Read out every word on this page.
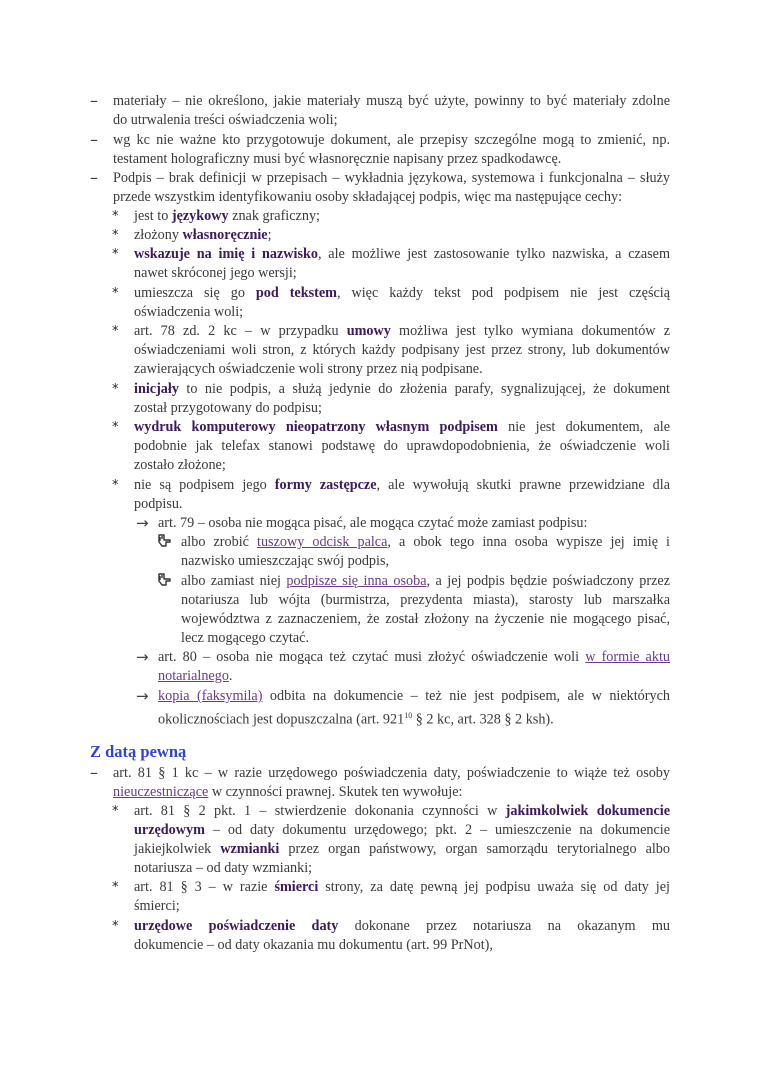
– materiały – nie określono, jakie materiały muszą być użyte, powinny to być materiały zdolne
do utrwalenia treści oświadczenia woli;
– wg kc nie ważne kto przygotowuje dokument, ale przepisy szczególne mogą to zmienić, np.
testament holograficzny musi być własnoręcznie napisany przez spadkodawcę.
– Podpis – brak definicji w przepisach – wykładnia językowa, systemowa i funkcjonalna – służy
przede wszystkim identyfikowaniu osoby składającej podpis, więc ma następujące cechy:
* jest to językowy znak graficzny;
* złożony własnoręcznie;
* wskazuje na imię i nazwisko, ale możliwe jest zastosowanie tylko nazwiska, a czasem
nawet skróconej jego wersji;
* umieszcza się go pod tekstem, więc każdy tekst pod podpisem nie jest częścią
oświadczenia woli;
* art. 78 zd. 2 kc – w przypadku umowy możliwa jest tylko wymiana dokumentów z
oświadczeniami woli stron, z których każdy podpisany jest przez strony, lub dokumentów
zawierających oświadczenie woli strony przez nią podpisane.
* inicjały to nie podpis, a służą jedynie do złożenia parafy, sygnalizującej, że dokument
został przygotowany do podpisu;
* wydruk komputerowy nieopatrzony własnym podpisem nie jest dokumentem, ale
podobnie jak telefax stanowi podstawę do uprawdopodobnienia, że oświadczenie woli
zostało złożone;
* nie są podpisem jego formy zastępcze, ale wywołują skutki prawne przewidziane dla
podpisu.
→ art. 79 – osoba nie mogąca pisać, ale mogąca czytać może zamiast podpisu:
albo zrobić tuszowy odcisk palca, a obok tego inna osoba wypisze jej imię i
nazwisko umieszczając swój podpis,
albo zamiast niej podpisze się inna osoba, a jej podpis będzie poświadczony przez
notariusza lub wójta (burmistrza, prezydenta miasta), starosty lub marszałka
województwa z zaznaczeniem, że został złożony na życzenie nie mogącego pisać,
lecz mogącego czytać.
→ art. 80 – osoba nie mogąca też czytać musi złożyć oświadczenie woli w formie aktu
notarialnego.
→ kopia (faksymila) odbita na dokumencie – też nie jest podpisem, ale w niektórych
okolicznościach jest dopuszczalna (art. $921^{10}$ § 2 kc, art. 328 § 2 ksh).
Z datą pewną
– art. 81 § 1 kc – w razie urzędowego poświadczenia daty, poświadczenie to wiąże też osoby
nieuczestniczące w czynności prawnej. Skutek ten wywołuje:
* art. 81 § 2 pkt. 1 – stwierdzenie dokonania czynności w jakimkolwiek dokumencie
urzędowym – od daty dokumentu urzędowego; pkt. 2 – umieszczenie na dokumencie
jakiejkolwiek wzmianki przez organ państwowy, organ samorządu terytorialnego albo
notariusza – od daty wzmianki;
* art. 81 § 3 – w razie śmierci strony, za datę pewną jej podpisu uważa się od daty jej
śmierci;
* urzędowe poświadczenie daty dokonane przez notariusza na okazanym mu
dokumencie – od daty okazania mu dokumentu (art. 99 PrNot),
